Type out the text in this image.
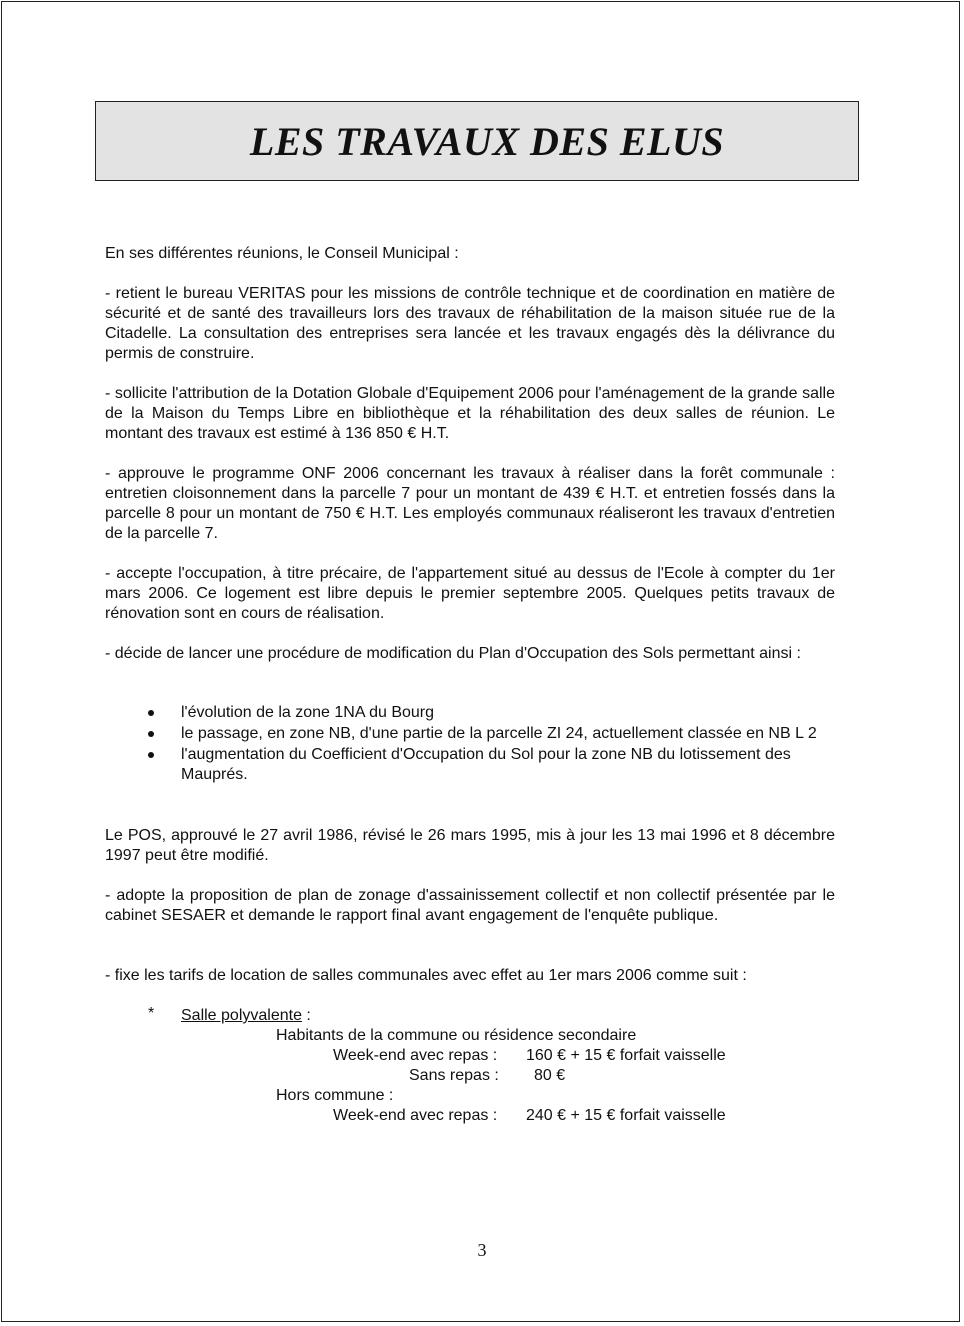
LES TRAVAUX DES ELUS

En ses différentes réunions, le Conseil Municipal :

- retient le bureau VERITAS pour les missions de contrôle technique et de coordination en matière de sécurité et de santé des travailleurs lors des travaux de réhabilitation de la maison située rue de la Citadelle. La consultation des entreprises sera lancée et les travaux engagés dès la délivrance du permis de construire.

- sollicite l'attribution de la Dotation Globale d'Equipement 2006 pour l'aménagement de la grande salle de la Maison du Temps Libre en bibliothèque et la réhabilitation des deux salles de réunion. Le montant des travaux est estimé à 136 850 € H.T.

- approuve le programme ONF 2006 concernant les travaux à réaliser dans la forêt communale : entretien cloisonnement dans la parcelle 7 pour un montant de 439 € H.T. et entretien fossés dans la parcelle 8 pour un montant de 750 € H.T. Les employés communaux réaliseront les travaux d'entretien de la parcelle 7.

- accepte l'occupation, à titre précaire, de l'appartement situé au dessus de l'Ecole à compter du 1er mars 2006. Ce logement est libre depuis le premier septembre 2005. Quelques petits travaux de rénovation sont en cours de réalisation.

- décide de lancer une procédure de modification du Plan d'Occupation des Sols permettant ainsi :

l'évolution de la zone 1NA du Bourg
le passage, en zone NB, d'une partie de la parcelle ZI 24, actuellement classée en NB L 2
l'augmentation du Coefficient d'Occupation du Sol pour la zone NB du lotissement des Mauprés.

Le POS, approuvé le 27 avril 1986, révisé le 26 mars 1995, mis à jour les 13 mai 1996 et 8 décembre 1997 peut être modifié.

- adopte la proposition de plan de zonage d'assainissement collectif et non collectif présentée par le cabinet SESAER et demande le rapport final avant engagement de l'enquête publique.

- fixe les tarifs de location de salles communales avec effet au 1er mars 2006 comme suit :

* Salle polyvalente :
Habitants de la commune ou résidence secondaire
Week-end avec repas : 160 € + 15 € forfait vaisselle
Sans repas : 80 €
Hors commune :
Week-end avec repas : 240 € + 15 € forfait vaisselle
3
